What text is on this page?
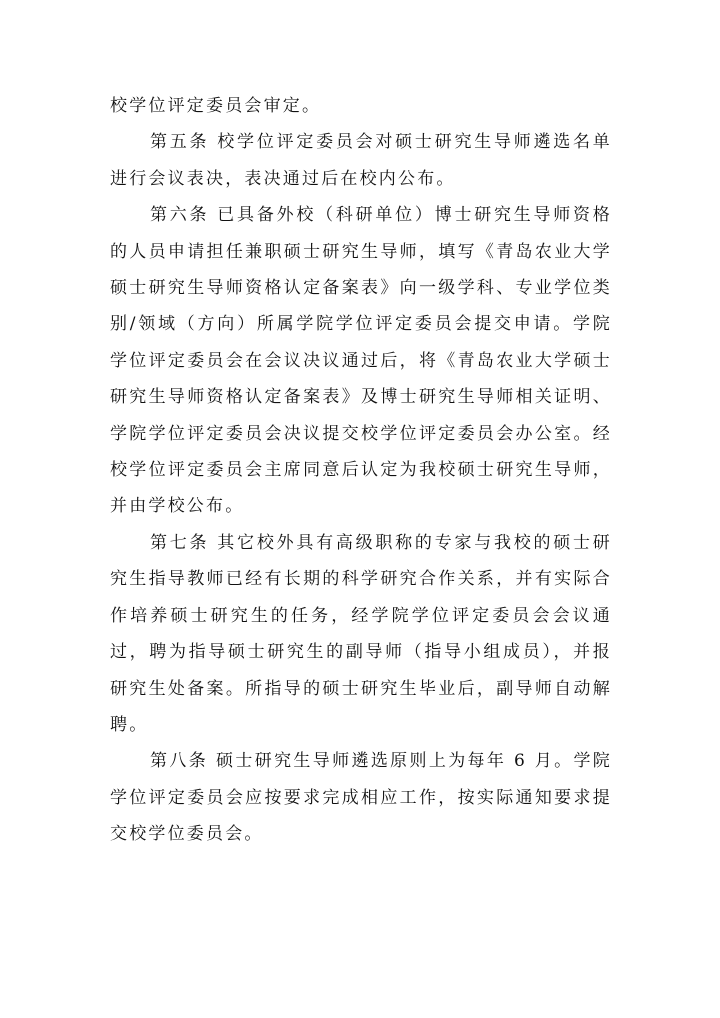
校学位评定委员会审定。

第五条 校学位评定委员会对硕士研究生导师遴选名单进行会议表决，表决通过后在校内公布。

第六条 已具备外校（科研单位）博士研究生导师资格的人员申请担任兼职硕士研究生导师，填写《青岛农业大学硕士研究生导师资格认定备案表》向一级学科、专业学位类别/领域（方向）所属学院学位评定委员会提交申请。学院学位评定委员会在会议决议通过后，将《青岛农业大学硕士研究生导师资格认定备案表》及博士研究生导师相关证明、学院学位评定委员会决议提交校学位评定委员会办公室。经校学位评定委员会主席同意后认定为我校硕士研究生导师，并由学校公布。

第七条 其它校外具有高级职称的专家与我校的硕士研究生指导教师已经有长期的科学研究合作关系，并有实际合作培养硕士研究生的任务，经学院学位评定委员会会议通过，聘为指导硕士研究生的副导师（指导小组成员），并报研究生处备案。所指导的硕士研究生毕业后，副导师自动解聘。

第八条 硕士研究生导师遴选原则上为每年 6 月。学院学位评定委员会应按要求完成相应工作，按实际通知要求提交校学位委员会。
